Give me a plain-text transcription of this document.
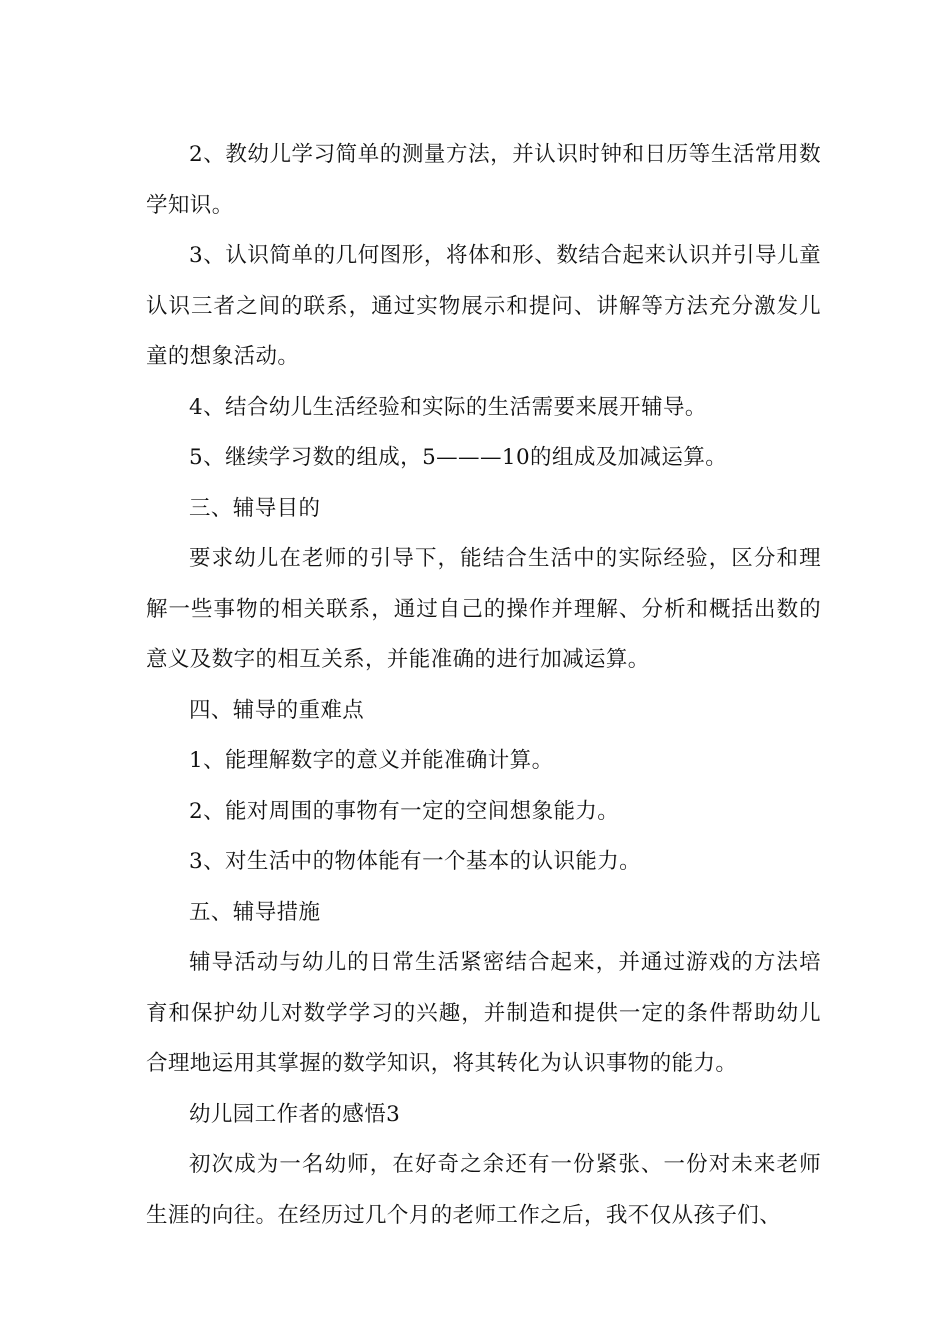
2、教幼儿学习简单的测量方法，并认识时钟和日历等生活常用数学知识。

3、认识简单的几何图形，将体和形、数结合起来认识并引导儿童认识三者之间的联系，通过实物展示和提问、讲解等方法充分激发儿童的想象活动。

4、结合幼儿生活经验和实际的生活需要来展开辅导。

5、继续学习数的组成，5———10的组成及加减运算。

三、辅导目的

要求幼儿在老师的引导下，能结合生活中的实际经验，区分和理解一些事物的相关联系，通过自己的操作并理解、分析和概括出数的意义及数字的相互关系，并能准确的进行加减运算。

四、辅导的重难点

1、能理解数字的意义并能准确计算。

2、能对周围的事物有一定的空间想象能力。

3、对生活中的物体能有一个基本的认识能力。

五、辅导措施

辅导活动与幼儿的日常生活紧密结合起来，并通过游戏的方法培育和保护幼儿对数学学习的兴趣，并制造和提供一定的条件帮助幼儿合理地运用其掌握的数学知识，将其转化为认识事物的能力。

幼儿园工作者的感悟3

初次成为一名幼师，在好奇之余还有一份紧张、一份对未来老师生涯的向往。在经历过几个月的老师工作之后，我不仅从孩子们、
